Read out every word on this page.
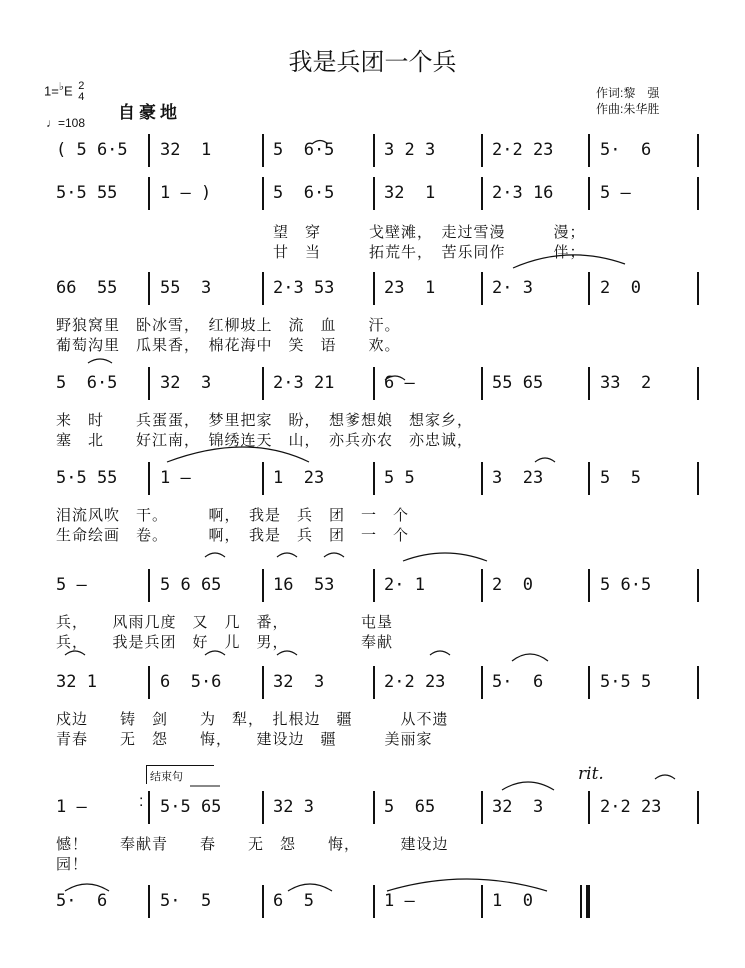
我是兵团一个兵
作词:黎　强
作曲:朱华胜
1=♭E 2
4
♩=108
自豪地
结束句	rit.
( 5 6·5 32  1	5  6·5	3 2 3	2·2 23	5·  6
5·5 55	1 – )	5  6·5	32  1	2·3 16	5 –
望　穿　　　戈壁滩，　走过雪漫　　　漫；
甘　当　　　拓荒牛，　苦乐同作　　　伴；
66  55	55  3	2·3 53	23  1	2· 3	2  0
野狼窝里　卧冰雪，　红柳坡上　流　血　　汗。
葡萄沟里　瓜果香，　棉花海中　笑　语　　欢。
5  6·5	32  3	2·3 21	6 –	55 65	33  2
来　时　　兵蛋蛋，　梦里把家　盼，　想爹想娘　想家乡，
塞　北　　好江南，　锦绣连天　山，　亦兵亦农　亦忠诚，
5·5 55	1 –	1  23	5 5	3  23	5  5
泪流风吹　干。　　　啊，　我是　兵　团　一　个
生命绘画　卷。　　　啊，　我是　兵　团　一　个
5 –	5 6 65	16  53	2· 1	2  0	5 6·5
兵，　　风雨几度　又　几　番，　　　　　屯垦
兵，　　我是兵团　好　儿　男，　　　　　奉献
32 1	6  5·6	32  3	2·2 23	5·  6	5·5 5
戍边　　铸　剑　　为　犁，　扎根边　疆　　　从不遗
青春　　无　怨　　悔，　　建设边　疆　　　美丽家
1 –	5·5 65	32 3	5  65	32  3	2·2 23
憾！　　奉献青　　春　　无　怨　　悔，　　　建设边
园！
5·  6	5·  5	6  5	1 –	1  0
:
